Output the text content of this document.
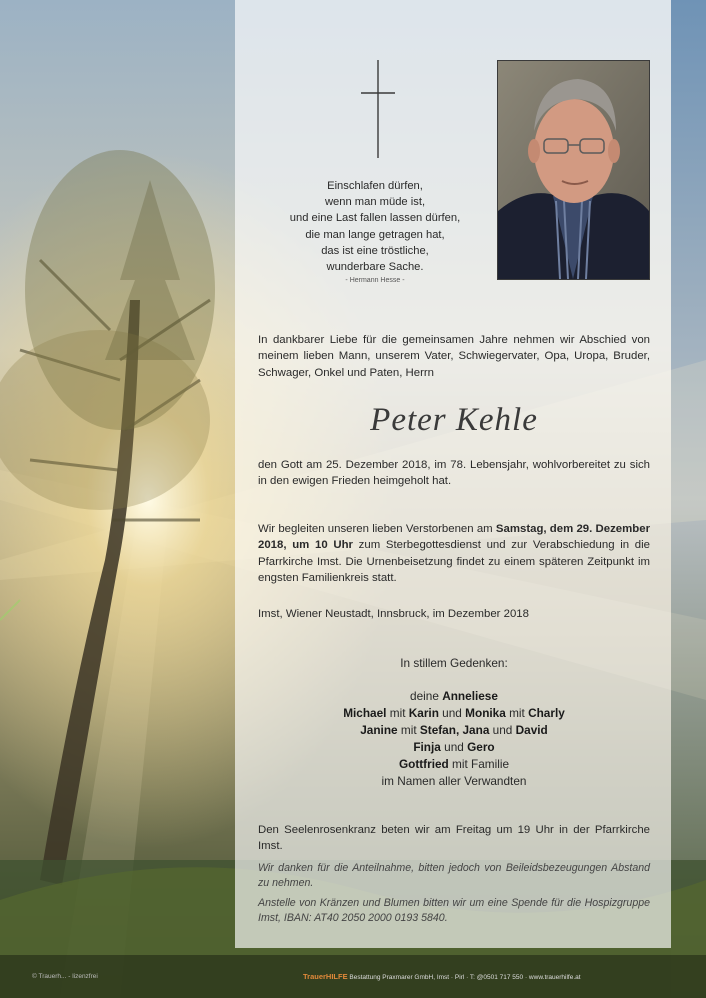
Einschlafen dürfen,
wenn man müde ist,
und eine Last fallen lassen dürfen,
die man lange getragen hat,
das ist eine tröstliche,
wunderbare Sache.
- Hermann Hesse -
In dankbarer Liebe für die gemeinsamen Jahre nehmen wir Abschied von meinem lieben Mann, unserem Vater, Schwiegervater, Opa, Uropa, Bruder, Schwager, Onkel und Paten, Herrn
Peter Kehle
den Gott am 25. Dezember 2018, im 78. Lebensjahr, wohlvorbereitet zu sich in den ewigen Frieden heimgeholt hat.
Wir begleiten unseren lieben Verstorbenen am Samstag, dem 29. Dezember 2018, um 10 Uhr zum Sterbegottesdienst und zur Verabschiedung in die Pfarrkirche Imst. Die Urnenbeisetzung findet zu einem späteren Zeitpunkt im engsten Familienkreis statt.
Imst, Wiener Neustadt, Innsbruck, im Dezember 2018
In stillem Gedenken:
deine Anneliese
Michael mit Karin und Monika mit Charly
Janine mit Stefan, Jana und David
Finja und Gero
Gottfried mit Familie
im Namen aller Verwandten
Den Seelenrosenkranz beten wir am Freitag um 19 Uhr in der Pfarrkirche Imst.
Wir danken für die Anteilnahme, bitten jedoch von Beileidsbezeugungen Abstand zu nehmen.
Anstelle von Kränzen und Blumen bitten wir um eine Spende für die Hospizgruppe Imst, IBAN: AT40 2050 2000 0193 5840.
© Trauerh... - lizenzfrei	TrauerHILFE Bestattung Praxmarer GmbH, Imst · Pirl · T: @0501 717 550 · www.trauerhilfe.at
